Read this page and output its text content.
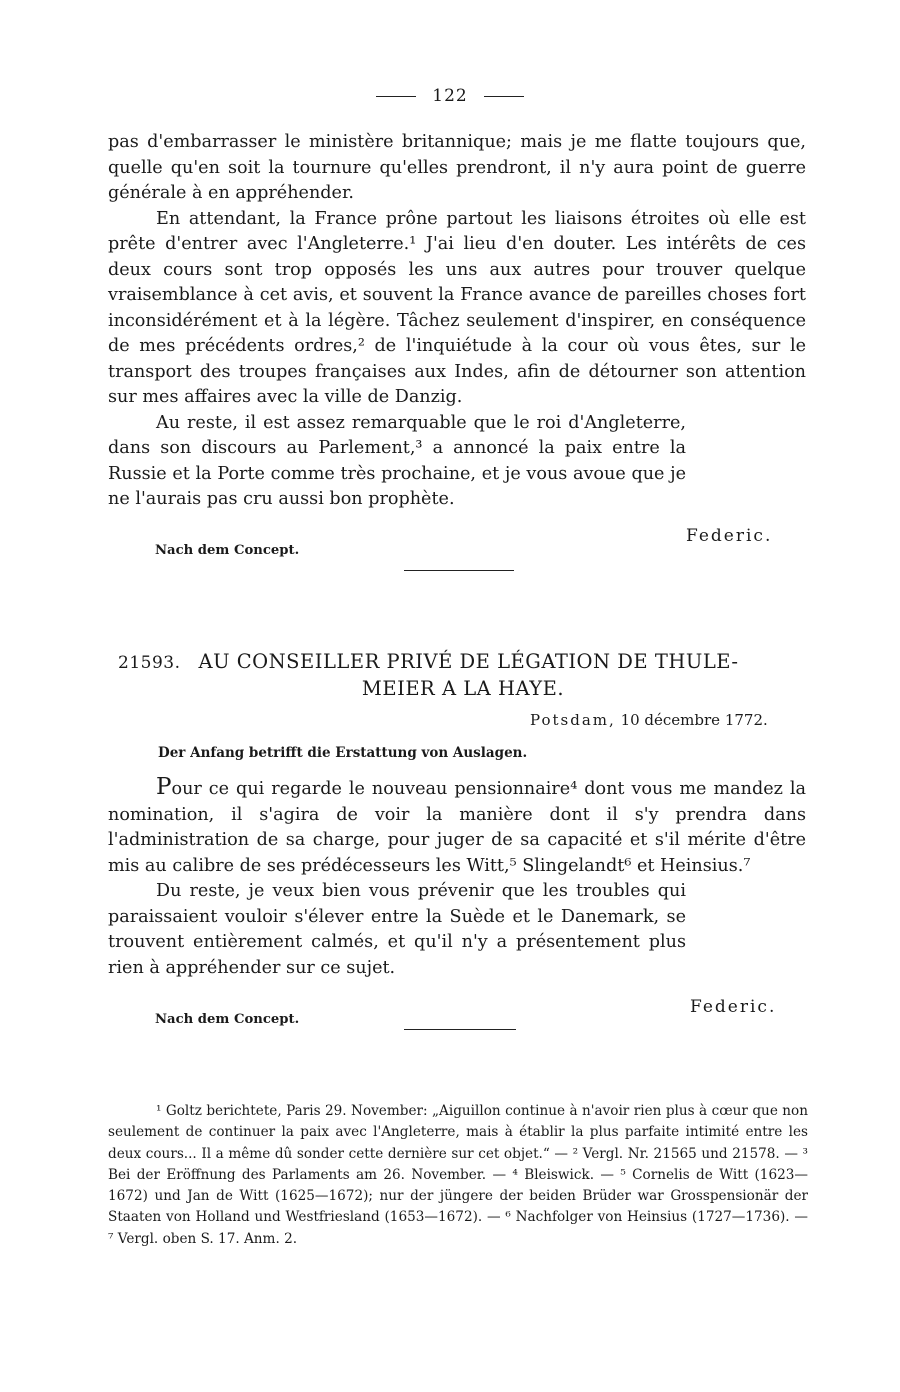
122

pas d'embarrasser le ministère britannique; mais je me flatte toujours que, quelle qu'en soit la tournure qu'elles prendront, il n'y aura point de guerre générale à en appréhender.

En attendant, la France prône partout les liaisons étroites où elle est prête d'entrer avec l'Angleterre.¹ J'ai lieu d'en douter. Les intérêts de ces deux cours sont trop opposés les uns aux autres pour trouver quelque vraisemblance à cet avis, et souvent la France avance de pareilles choses fort inconsidérément et à la légère. Tâchez seulement d'inspirer, en conséquence de mes précédents ordres,² de l'inquiétude à la cour où vous êtes, sur le transport des troupes françaises aux Indes, afin de détourner son attention sur mes affaires avec la ville de Danzig.

Au reste, il est assez remarquable que le roi d'Angleterre, dans son discours au Parlement,³ a annoncé la paix entre la Russie et la Porte comme très prochaine, et je vous avoue que je ne l'aurais pas cru aussi bon prophète.

Federic.
Nach dem Concept.
21593. AU CONSEILLER PRIVÉ DE LÉGATION DE THULE-
MEIER A LA HAYE.
Potsdam, 10 décembre 1772.
Der Anfang betrifft die Erstattung von Auslagen.

Pour ce qui regarde le nouveau pensionnaire⁴ dont vous me mandez la nomination, il s'agira de voir la manière dont il s'y prendra dans l'administration de sa charge, pour juger de sa capacité et s'il mérite d'être mis au calibre de ses prédécesseurs les Witt,⁵ Slingelandt⁶ et Heinsius.⁷

Du reste, je veux bien vous prévenir que les troubles qui paraissaient vouloir s'élever entre la Suède et le Danemark, se trouvent entièrement calmés, et qu'il n'y a présentement plus rien à appréhender sur ce sujet.

Federic.
Nach dem Concept.

¹ Goltz berichtete, Paris 29. November: „Aiguillon continue à n'avoir rien plus à cœur que non seulement de continuer la paix avec l'Angleterre, mais à établir la plus parfaite intimité entre les deux cours... Il a même dû sonder cette dernière sur cet objet.“ — ² Vergl. Nr. 21565 und 21578. — ³ Bei der Eröffnung des Parlaments am 26. November. — ⁴ Bleiswick. — ⁵ Cornelis de Witt (1623—1672) und Jan de Witt (1625—1672); nur der jüngere der beiden Brüder war Grosspensionär der Staaten von Holland und Westfriesland (1653—1672). — ⁶ Nachfolger von Heinsius (1727—1736). — ⁷ Vergl. oben S. 17. Anm. 2.
